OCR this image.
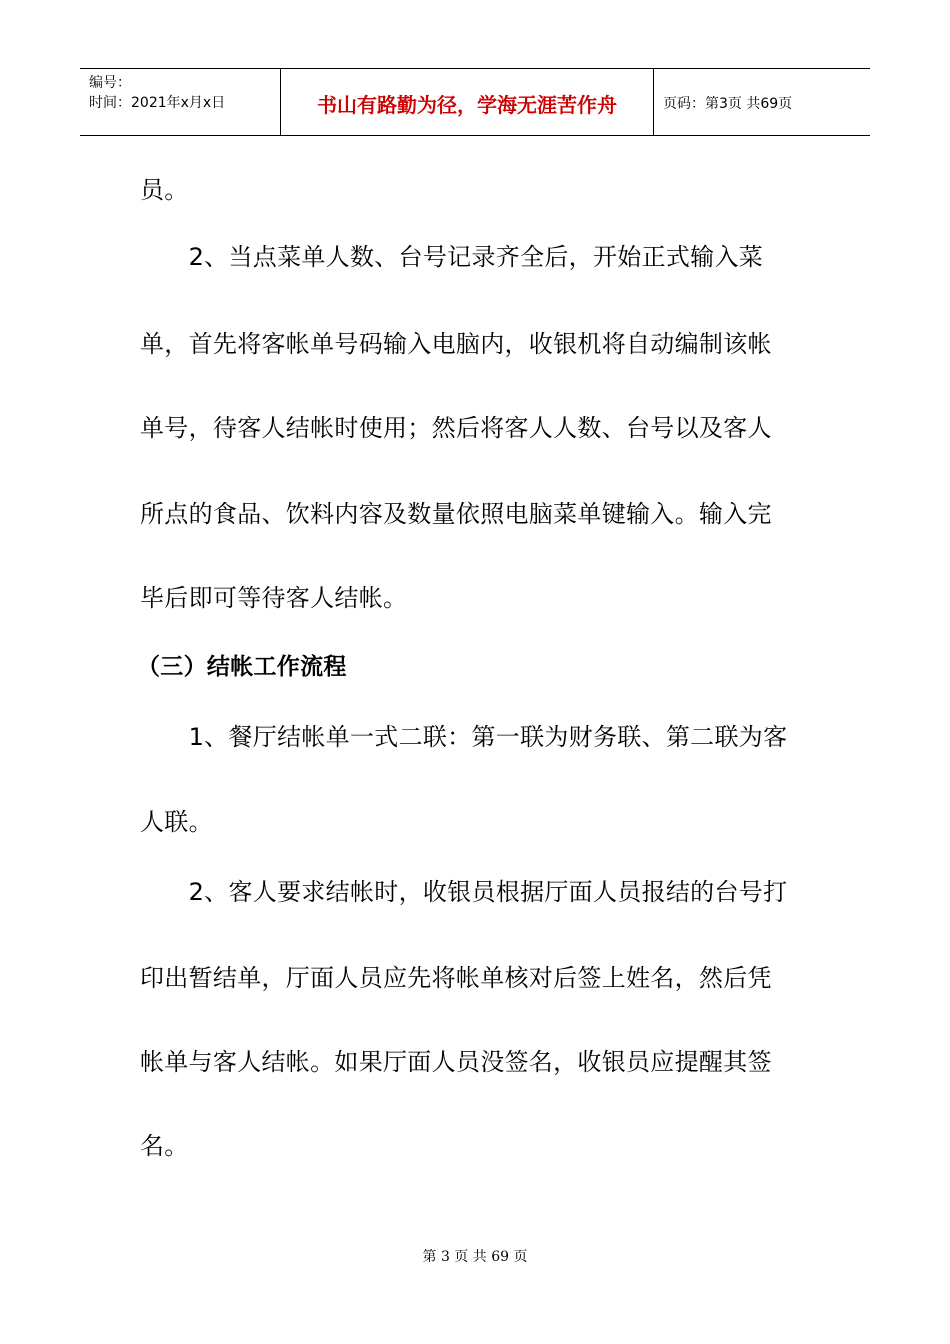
编号：
时间：2021年x月x日	书山有路勤为径，学海无涯苦作舟	页码：第3页 共69页
员。
　　2、当点菜单人数、台号记录齐全后，开始正式输入菜
单，首先将客帐单号码输入电脑内，收银机将自动编制该帐
单号，待客人结帐时使用；然后将客人人数、台号以及客人
所点的食品、饮料内容及数量依照电脑菜单键输入。输入完
毕后即可等待客人结帐。
（三）结帐工作流程
　　1、餐厅结帐单一式二联：第一联为财务联、第二联为客
人联。
　　2、客人要求结帐时，收银员根据厅面人员报结的台号打
印出暂结单，厅面人员应先将帐单核对后签上姓名，然后凭
帐单与客人结帐。如果厅面人员没签名，收银员应提醒其签
名。
第 3 页 共 69 页
